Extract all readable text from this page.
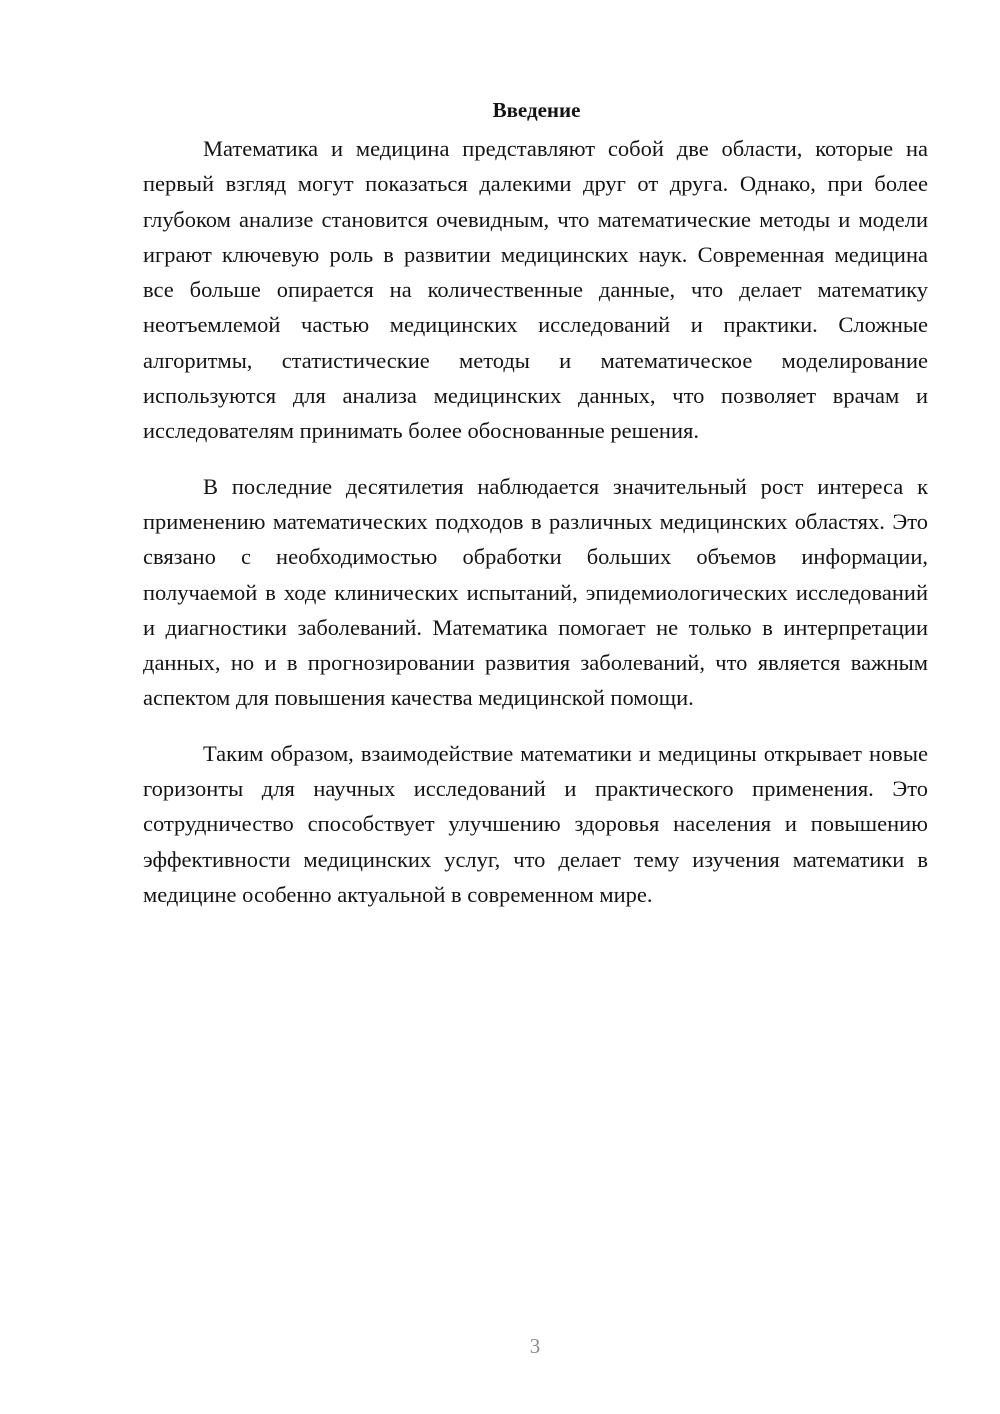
Введение

Математика и медицина представляют собой две области, которые на первый взгляд могут показаться далекими друг от друга. Однако, при более глубоком анализе становится очевидным, что математические методы и модели играют ключевую роль в развитии медицинских наук. Современная медицина все больше опирается на количественные данные, что делает математику неотъемлемой частью медицинских исследований и практики. Сложные алгоритмы, статистические методы и математическое моделирование используются для анализа медицинских данных, что позволяет врачам и исследователям принимать более обоснованные решения.

В последние десятилетия наблюдается значительный рост интереса к применению математических подходов в различных медицинских областях. Это связано с необходимостью обработки больших объемов информации, получаемой в ходе клинических испытаний, эпидемиологических исследований и диагностики заболеваний. Математика помогает не только в интерпретации данных, но и в прогнозировании развития заболеваний, что является важным аспектом для повышения качества медицинской помощи.

Таким образом, взаимодействие математики и медицины открывает новые горизонты для научных исследований и практического применения. Это сотрудничество способствует улучшению здоровья населения и повышению эффективности медицинских услуг, что делает тему изучения математики в медицине особенно актуальной в современном мире.

3
